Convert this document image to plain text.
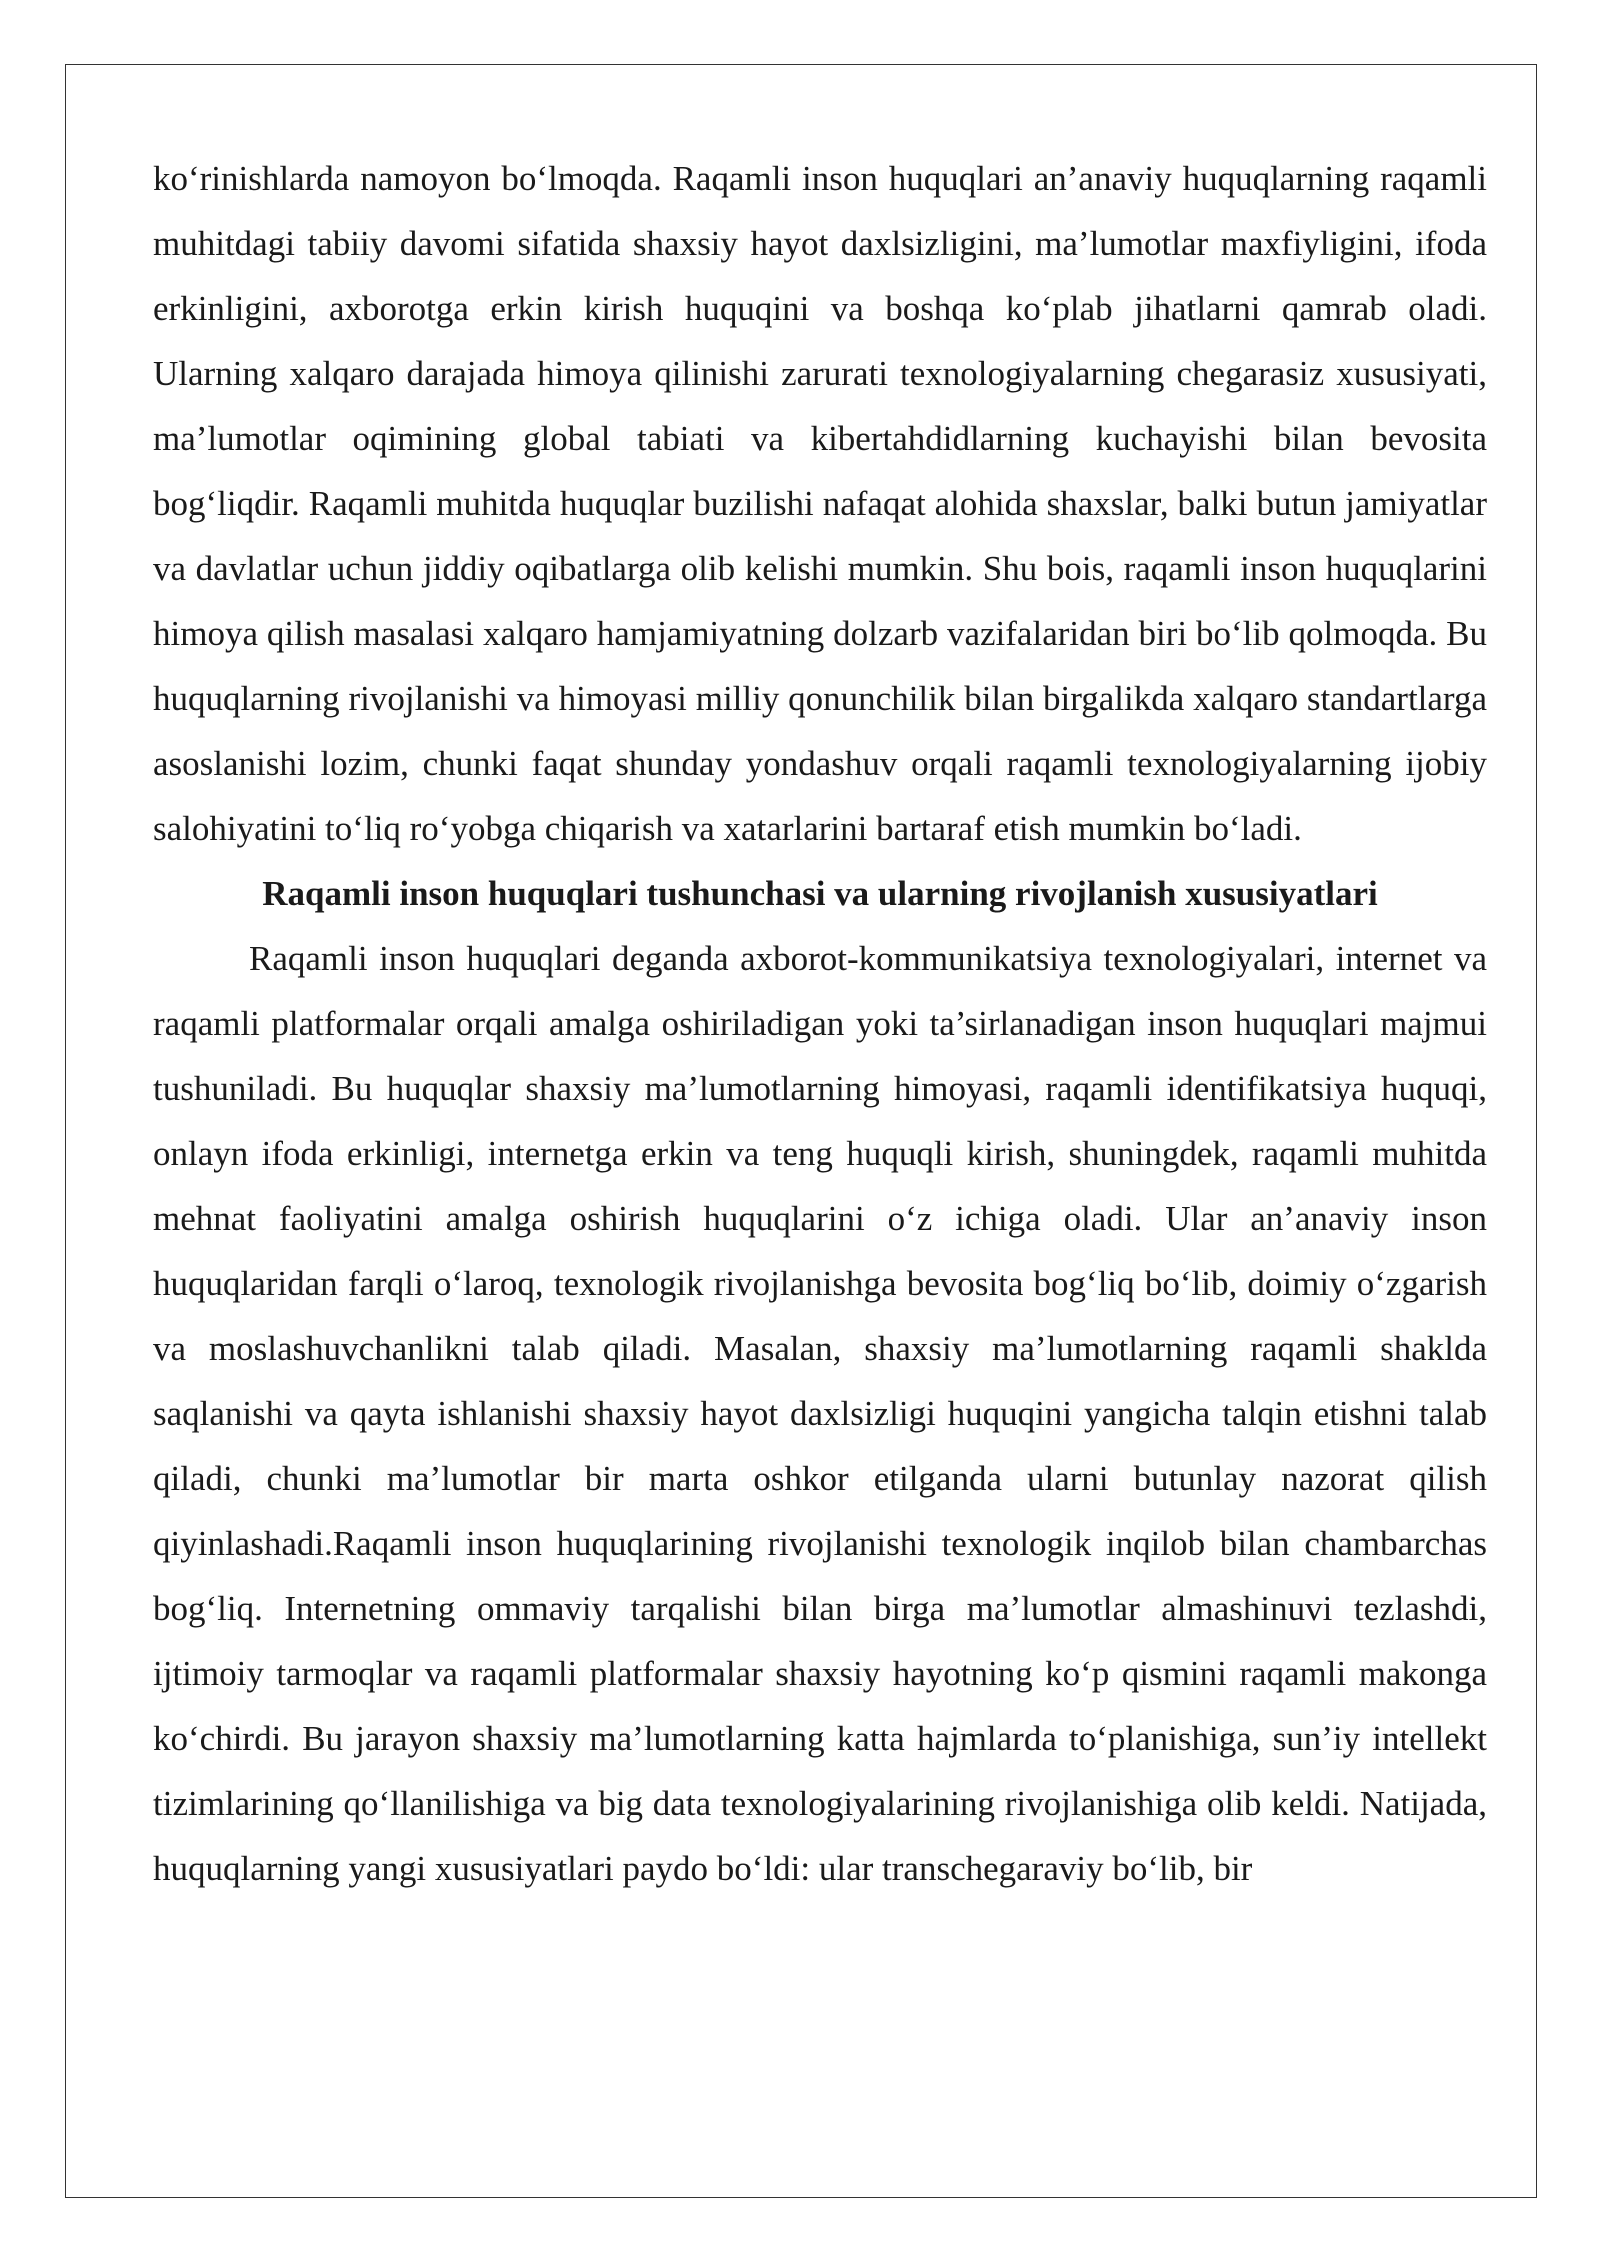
ko‘rinishlarda namoyon bo‘lmoqda. Raqamli inson huquqlari an’anaviy huquqlarning raqamli muhitdagi tabiiy davomi sifatida shaxsiy hayot daxlsizligini, ma’lumotlar maxfiyligini, ifoda erkinligini, axborotga erkin kirish huquqini va boshqa ko‘plab jihatlarni qamrab oladi. Ularning xalqaro darajada himoya qilinishi zarurati texnologiyalarning chegarasiz xususiyati, ma’lumotlar oqimining global tabiati va kibertahdidlarning kuchayishi bilan bevosita bog‘liqdir. Raqamli muhitda huquqlar buzilishi nafaqat alohida shaxslar, balki butun jamiyatlar va davlatlar uchun jiddiy oqibatlarga olib kelishi mumkin. Shu bois, raqamli inson huquqlarini himoya qilish masalasi xalqaro hamjamiyatning dolzarb vazifalaridan biri bo‘lib qolmoqda. Bu huquqlarning rivojlanishi va himoyasi milliy qonunchilik bilan birgalikda xalqaro standartlarga asoslanishi lozim, chunki faqat shunday yondashuv orqali raqamli texnologiyalarning ijobiy salohiyatini to‘liq ro‘yobga chiqarish va xatarlarini bartaraf etish mumkin bo‘ladi.

Raqamli inson huquqlari tushunchasi va ularning rivojlanish xususiyatlari

Raqamli inson huquqlari deganda axborot-kommunikatsiya texnologiyalari, internet va raqamli platformalar orqali amalga oshiriladigan yoki ta’sirlanadigan inson huquqlari majmui tushuniladi. Bu huquqlar shaxsiy ma’lumotlarning himoyasi, raqamli identifikatsiya huquqi, onlayn ifoda erkinligi, internetga erkin va teng huquqli kirish, shuningdek, raqamli muhitda mehnat faoliyatini amalga oshirish huquqlarini o‘z ichiga oladi. Ular an’anaviy inson huquqlaridan farqli o‘laroq, texnologik rivojlanishga bevosita bog‘liq bo‘lib, doimiy o‘zgarish va moslashuvchanlikni talab qiladi. Masalan, shaxsiy ma’lumotlarning raqamli shaklda saqlanishi va qayta ishlanishi shaxsiy hayot daxlsizligi huquqini yangicha talqin etishni talab qiladi, chunki ma’lumotlar bir marta oshkor etilganda ularni butunlay nazorat qilish qiyinlashadi.Raqamli inson huquqlarining rivojlanishi texnologik inqilob bilan chambarchas bog‘liq. Internetning ommaviy tarqalishi bilan birga ma’lumotlar almashinuvi tezlashdi, ijtimoiy tarmoqlar va raqamli platformalar shaxsiy hayotning ko‘p qismini raqamli makonga ko‘chirdi. Bu jarayon shaxsiy ma’lumotlarning katta hajmlarda to‘planishiga, sun’iy intellekt tizimlarining qo‘llanilishiga va big data texnologiyalarining rivojlanishiga olib keldi. Natijada, huquqlarning yangi xususiyatlari paydo bo‘ldi: ular transchegaraviy bo‘lib, bir
